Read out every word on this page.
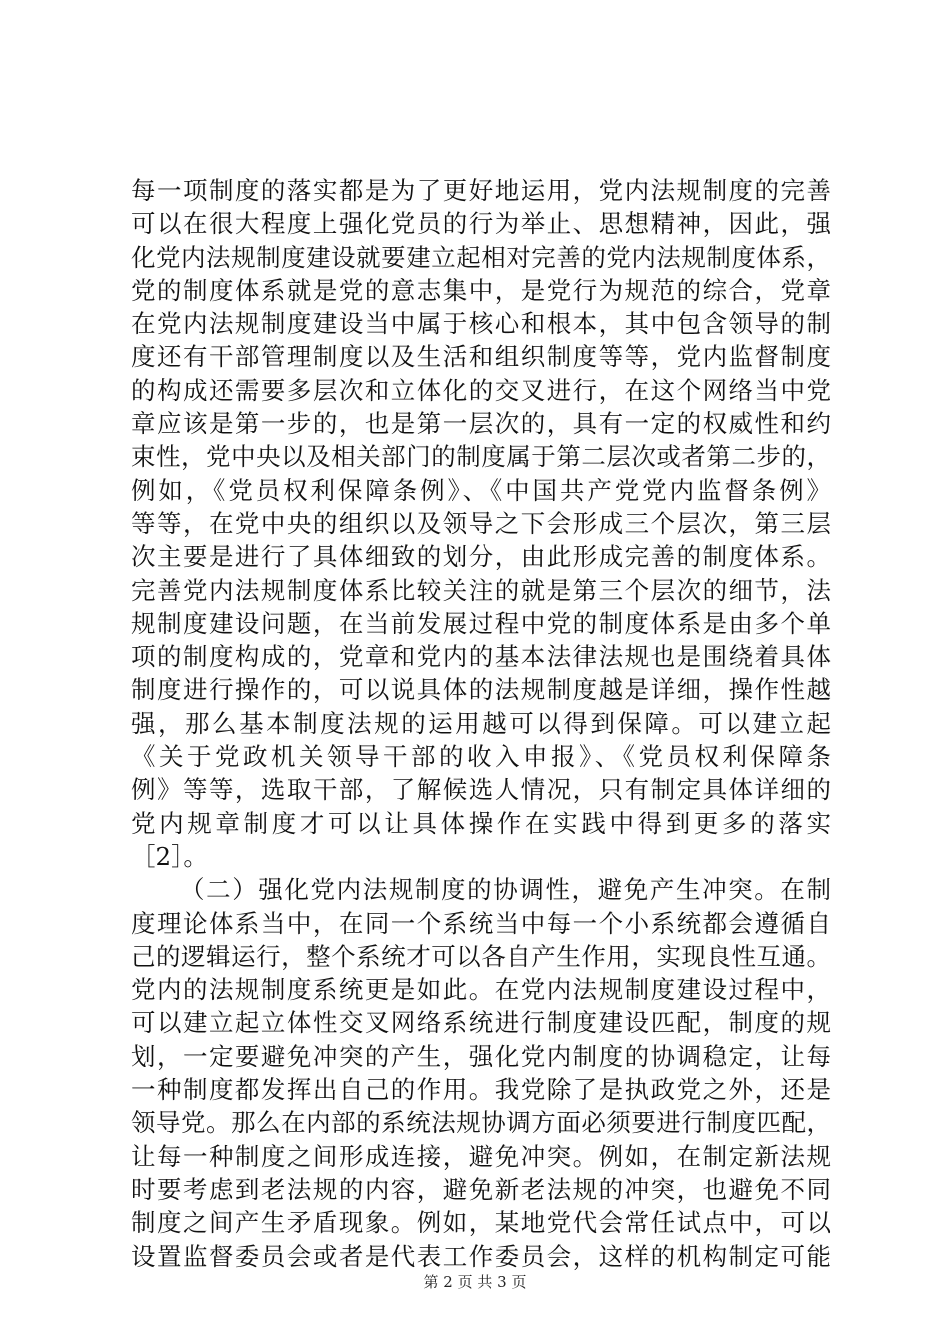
每一项制度的落实都是为了更好地运用，党内法规制度的完善
可以在很大程度上强化党员的行为举止、思想精神，因此，强
化党内法规制度建设就要建立起相对完善的党内法规制度体系，
党的制度体系就是党的意志集中，是党行为规范的综合，党章
在党内法规制度建设当中属于核心和根本，其中包含领导的制
度还有干部管理制度以及生活和组织制度等等，党内监督制度
的构成还需要多层次和立体化的交叉进行，在这个网络当中党
章应该是第一步的，也是第一层次的，具有一定的权威性和约
束性，党中央以及相关部门的制度属于第二层次或者第二步的，
例如，《党员权利保障条例》、《中国共产党党内监督条例》
等等，在党中央的组织以及领导之下会形成三个层次，第三层
次主要是进行了具体细致的划分，由此形成完善的制度体系。
完善党内法规制度体系比较关注的就是第三个层次的细节，法
规制度建设问题，在当前发展过程中党的制度体系是由多个单
项的制度构成的，党章和党内的基本法律法规也是围绕着具体
制度进行操作的，可以说具体的法规制度越是详细，操作性越
强，那么基本制度法规的运用越可以得到保障。可以建立起
《关于党政机关领导干部的收入申报》、《党员权利保障条
例》等等，选取干部，了解候选人情况，只有制定具体详细的
党内规章制度才可以让具体操作在实践中得到更多的落实
［2］。
（二）强化党内法规制度的协调性，避免产生冲突。在制
度理论体系当中，在同一个系统当中每一个小系统都会遵循自
己的逻辑运行，整个系统才可以各自产生作用，实现良性互通。
党内的法规制度系统更是如此。在党内法规制度建设过程中，
可以建立起立体性交叉网络系统进行制度建设匹配，制度的规
划，一定要避免冲突的产生，强化党内制度的协调稳定，让每
一种制度都发挥出自己的作用。我党除了是执政党之外，还是
领导党。那么在内部的系统法规协调方面必须要进行制度匹配，
让每一种制度之间形成连接，避免冲突。例如，在制定新法规
时要考虑到老法规的内容，避免新老法规的冲突，也避免不同
制度之间产生矛盾现象。例如，某地党代会常任试点中，可以
设置监督委员会或者是代表工作委员会，这样的机构制定可能
第 2 页 共 3 页
